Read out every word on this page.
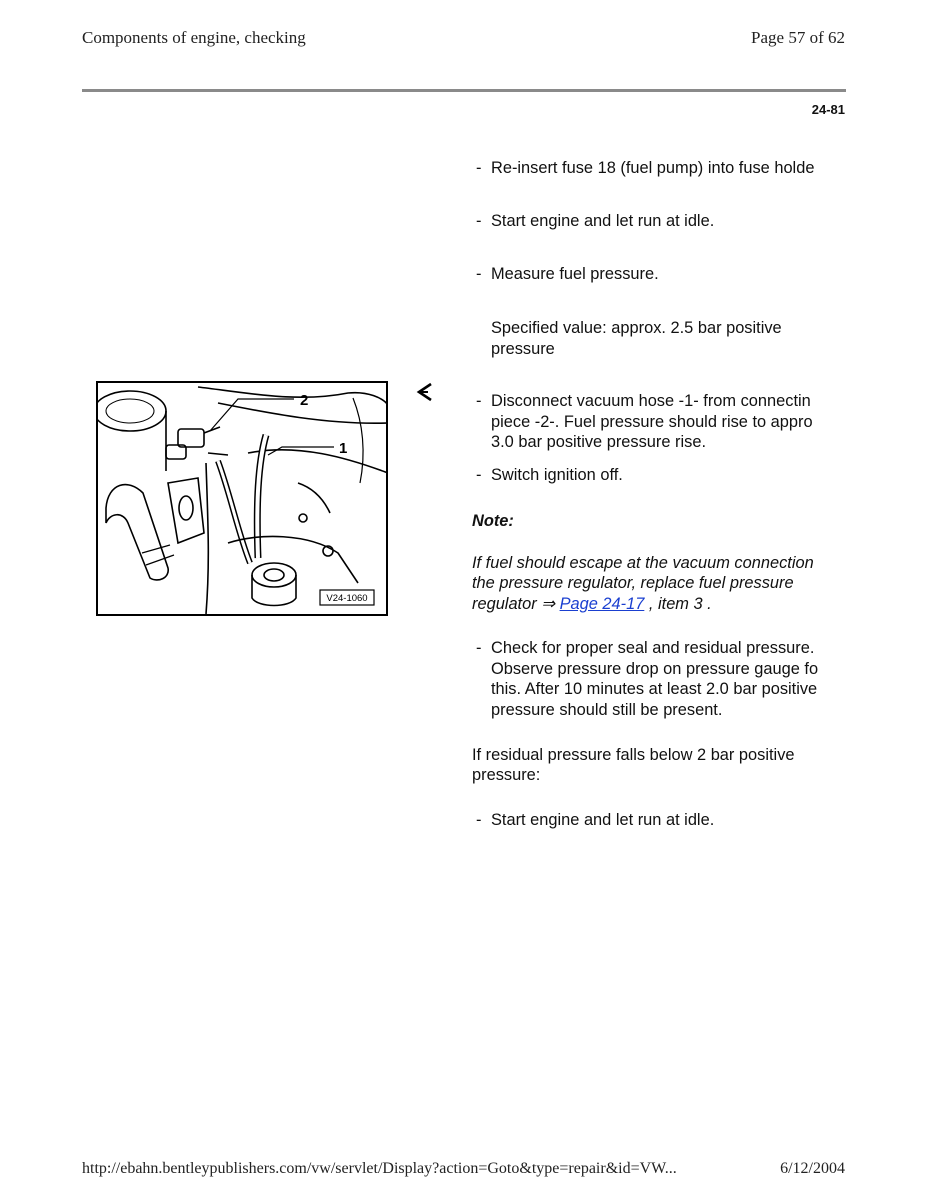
Components of engine, checking	Page 57 of 62
24-81
- Re-insert fuse 18 (fuel pump) into fuse holde
- Start engine and let run at idle.
- Measure fuel pressure.
Specified value: approx. 2.5 bar positive
pressure
- Disconnect vacuum hose -1- from connectin
piece -2-. Fuel pressure should rise to appro
3.0 bar positive pressure rise.
- Switch ignition off.
Note:
If fuel should escape at the vacuum connection
the pressure regulator, replace fuel pressure
regulator ⇒ Page 24-17 , item 3 .
- Check for proper seal and residual pressure.
Observe pressure drop on pressure gauge fo
this. After 10 minutes at least 2.0 bar positive
pressure should still be present.
If residual pressure falls below 2 bar positive
pressure:
- Start engine and let run at idle.
2
1
V24-1060
http://ebahn.bentleypublishers.com/vw/servlet/Display?action=Goto&type=repair&id=VW...	6/12/2004
